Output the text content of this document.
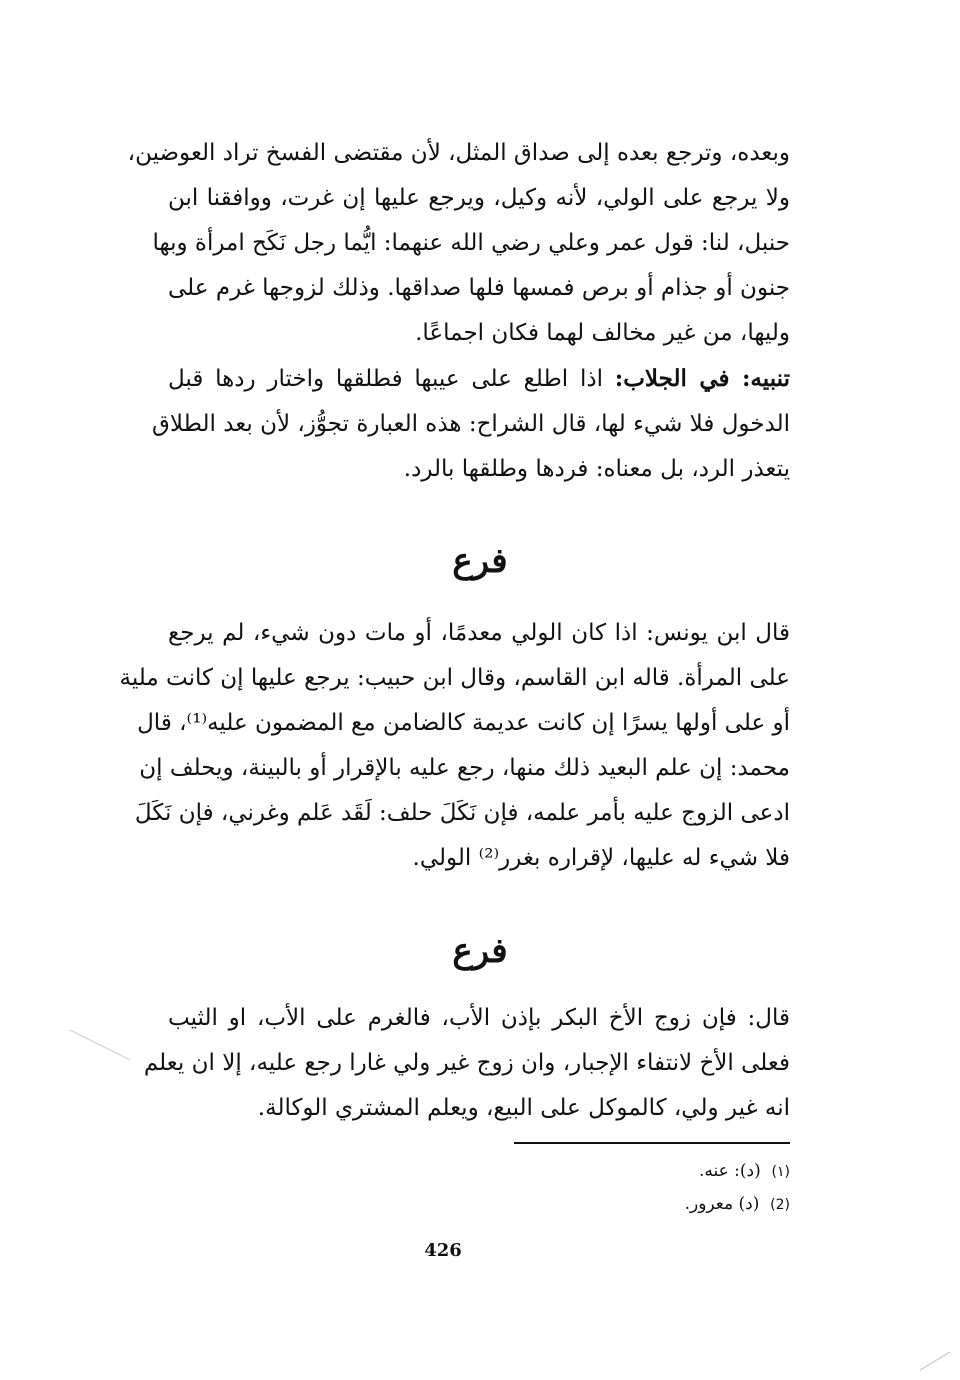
وبعده، وترجع بعده إلى صداق المثل، لأن مقتضى الفسخ تراد العوضين،
ولا يرجع على الولي، لأنه وكيل، ويرجع عليها إن غرت، ووافقنا ابن
حنبل، لنا: قول عمر وعلي رضي الله عنهما: ايُّما رجل نَكَح امرأة وبها
جنون أو جذام أو برص فمسها فلها صداقها. وذلك لزوجها غرم على
وليها، من غير مخالف لهما فكان اجماعًا.
تنبيه: في الجلاب: اذا اطلع على عيبها فطلقها واختار ردها قبل
الدخول فلا شيء لها، قال الشراح: هذه العبارة تجوُّز، لأن بعد الطلاق
يتعذر الرد، بل معناه: فردها وطلقها بالرد.
فرع
قال ابن يونس: اذا كان الولي معدمًا، أو مات دون شيء، لم يرجع
على المرأة. قاله ابن القاسم، وقال ابن حبيب: يرجع عليها إن كانت ملية
أو على أولها يسرًا إن كانت عديمة كالضامن مع المضمون عليه⁽¹⁾، قال
محمد: إن علم البعيد ذلك منها، رجع عليه بالإقرار أو بالبينة، ويحلف إن
ادعى الزوج عليه بأمر علمه، فإن نَكَلَ حلف: لَقَد عَلم وغرني، فإن نَكَلَ
فلا شيء له عليها، لإقراره بغرر⁽²⁾ الولي.
فرع
قال: فإن زوج الأخ البكر بإذن الأب، فالغرم على الأب، او الثيب
فعلى الأخ لانتفاء الإجبار، وان زوج غير ولي غارا رجع عليه، إلا ان يعلم
انه غير ولي، كالموكل على البيع، ويعلم المشتري الوكالة.
(١)  (د): عنه.
(2)  (د) معرور.
426
